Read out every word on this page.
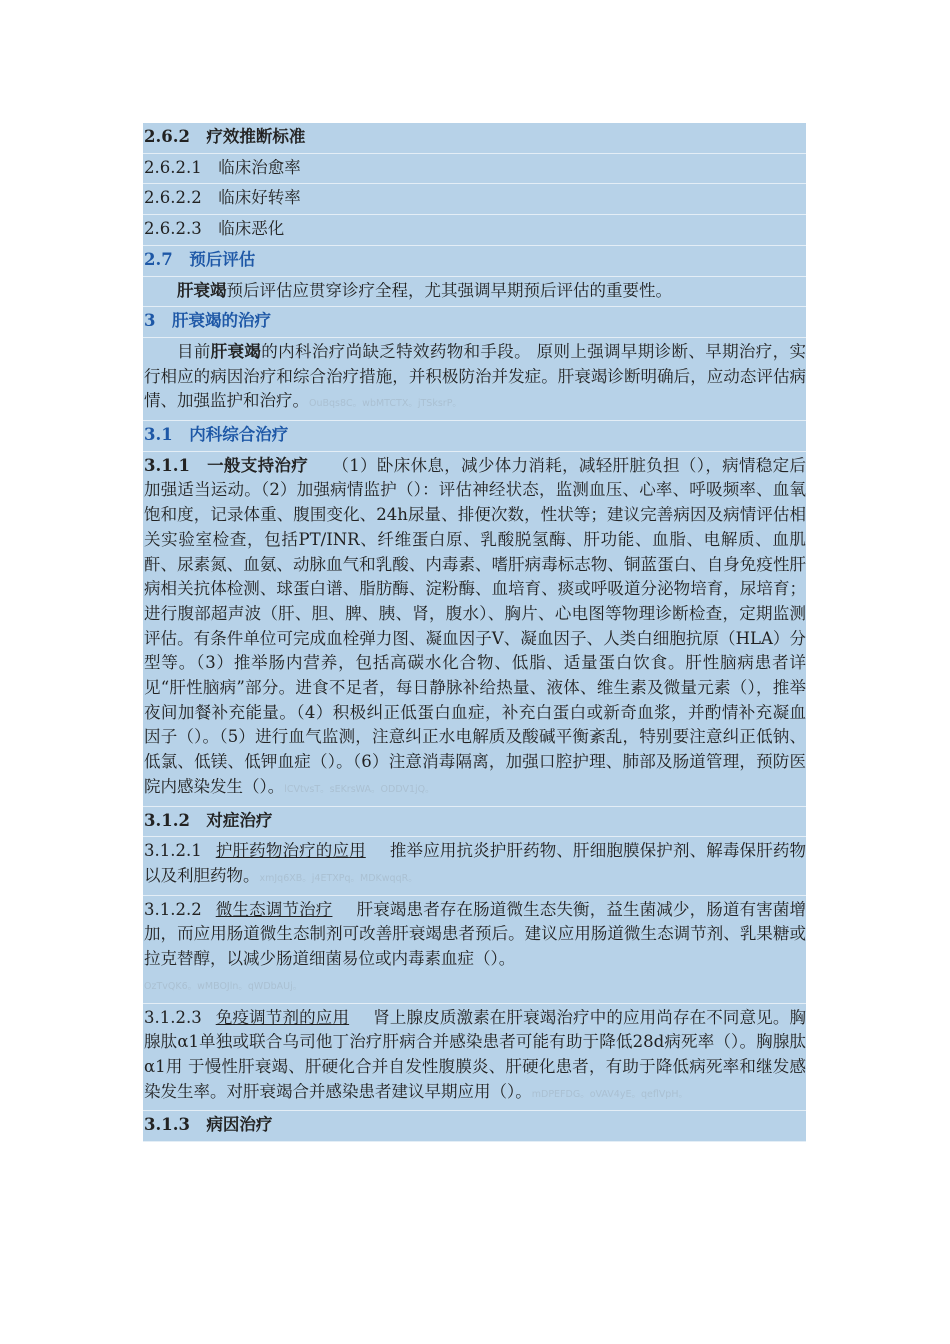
2.6.2　疗效推断标准
2.6.2.1　临床治愈率
2.6.2.2　临床好转率
2.6.2.3　临床恶化
2.7　预后评估
肝衰竭预后评估应贯穿诊疗全程，尤其强调早期预后评估的重要性。
3　肝衰竭的治疗
目前肝衰竭的内科治疗尚缺乏特效药物和手段。 原则上强调早期诊断、早期治疗，实行相应的病因治疗和综合治疗措施，并积极防治并发症。肝衰竭诊断明确后，应动态评估病情、加强监护和治疗。OuBqs8C。wbMTCTX。jTSksrP。
3.1　内科综合治疗
3.1.1　一般支持治疗 （1）卧床休息，减少体力消耗，减轻肝脏负担（），病情稳定后加强适当运动。（2）加强病情监护（）：评估神经状态，监测血压、心率、呼吸频率、血氧饱和度，记录体重、腹围变化、24h尿量、排便次数，性状等；建议完善病因及病情评估相关实验室检查，包括PT/INR、纤维蛋白原、乳酸脱氢酶、肝功能、血脂、电解质、血肌酐、尿素氮、血氨、动脉血气和乳酸、内毒素、嗜肝病毒标志物、铜蓝蛋白、自身免疫性肝病相关抗体检测、球蛋白谱、脂肪酶、淀粉酶、血培育、痰或呼吸道分泌物培育，尿培育；进行腹部超声波（肝、胆、脾、胰、肾，腹水）、胸片、心电图等物理诊断检查，定期监测评估。有条件单位可完成血栓弹力图、凝血因子V、凝血因子、人类白细胞抗原（HLA）分型等。（3）推举肠内营养，包括高碳水化合物、低脂、适量蛋白饮食。肝性脑病患者详见“肝性脑病”部分。进食不足者，每日静脉补给热量、液体、维生素及微量元素（），推举夜间加餐补充能量。（4）积极纠正低蛋白血症，补充白蛋白或新奇血浆，并酌情补充凝血因子（）。（5）进行血气监测，注意纠正水电解质及酸碱平衡紊乱，特别要注意纠正低钠、低氯、低镁、低钾血症（）。（6）注意消毒隔离，加强口腔护理、肺部及肠道管理，预防医院内感染发生（）。lCVtvsT。sEKrsWA。ODDV1jQ。
3.1.2　对症治疗
3.1.2.1 护肝药物治疗的应用 推举应用抗炎护肝药物、肝细胞膜保护剂、解毒保肝药物以及利胆药物。xmJq6XB。j4ETXPq。MDKwqqR。
3.1.2.2 微生态调节治疗 肝衰竭患者存在肠道微生态失衡，益生菌减少，肠道有害菌增加，而应用肠道微生态制剂可改善肝衰竭患者预后。建议应用肠道微生态调节剂、乳果糖或拉克替醇，以减少肠道细菌易位或内毒素血症（）。
OzTvQK6。wMBOJln。qWDbAUj。
3.1.2.3 免疫调节剂的应用 肾上腺皮质激素在肝衰竭治疗中的应用尚存在不同意见。胸腺肽α1单独或联合乌司他丁治疗肝病合并感染患者可能有助于降低28d病死率（）。胸腺肽α1用 于慢性肝衰竭、肝硬化合并自发性腹膜炎、肝硬化患者，有助于降低病死率和继发感染发生率。对肝衰竭合并感染患者建议早期应用（）。mDPEFDG。oVAV4yE。qeflVpH。
3.1.3　病因治疗
